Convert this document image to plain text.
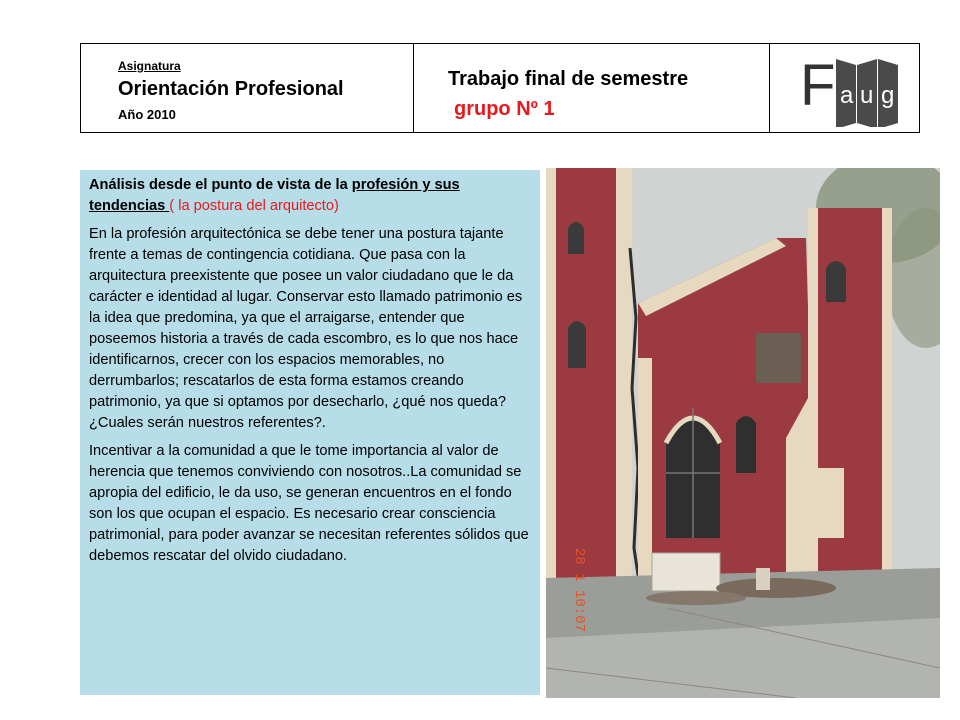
Asignatura
Orientación Profesional
Año 2010
Trabajo final de semestre
grupo Nº 1	F a u g

Análisis desde el punto de vista de la profesión y sus tendencias ( la postura del arquitecto)

En la profesión arquitectónica se debe tener una postura tajante frente a temas de contingencia cotidiana. Que pasa con la arquitectura preexistente que posee un valor ciudadano que le da carácter e identidad al lugar. Conservar esto llamado patrimonio es la idea que predomina, ya que el arraigarse, entender que poseemos historia a través de cada escombro, es lo que nos hace identificarnos, crecer con los espacios memorables, no derrumbarlos; rescatarlos de esta forma estamos creando patrimonio, ya que si optamos por desecharlo, ¿qué nos queda? ¿Cuales serán nuestros referentes?.

Incentivar a la comunidad a que le tome importancia al valor de herencia que tenemos conviviendo con nosotros..La comunidad se apropia del edificio, le da uso, se generan encuentros en el fondo son los que ocupan el espacio. Es necesario crear consciencia patrimonial, para poder avanzar se necesitan referentes sólidos que debemos rescatar del olvido ciudadano.	28 1 10:07
